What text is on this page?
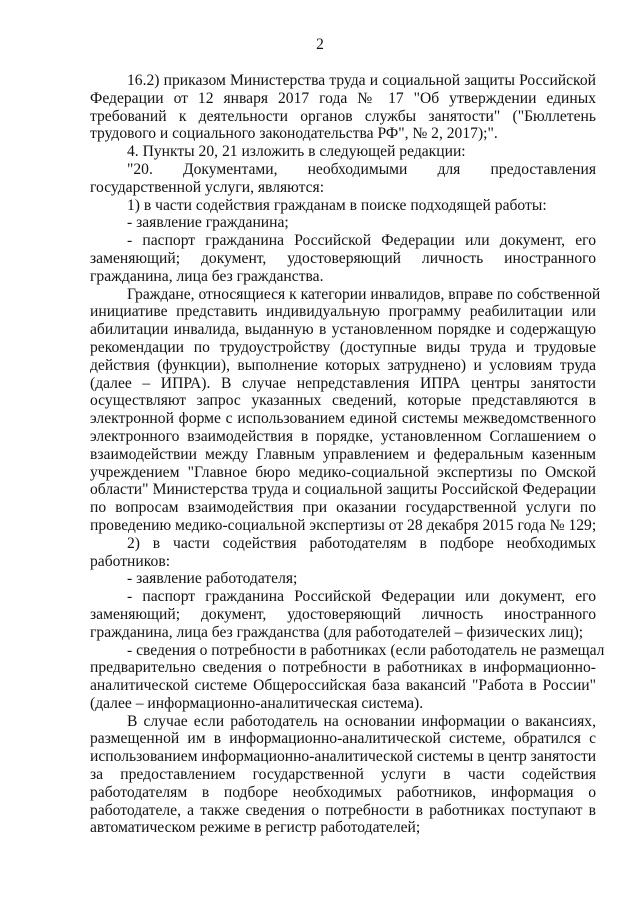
2
16.2) приказом Министерства труда и социальной защиты Российской
Федерации от 12 января 2017 года № 17 "Об утверждении единых
требований к деятельности органов службы занятости" ("Бюллетень
трудового и социального законодательства РФ", № 2, 2017);".
4. Пункты 20, 21 изложить в следующей редакции:
"20. Документами, необходимыми для предоставления
государственной услуги, являются:
1) в части содействия гражданам в поиске подходящей работы:
- заявление гражданина;
- паспорт гражданина Российской Федерации или документ, его
заменяющий; документ, удостоверяющий личность иностранного
гражданина, лица без гражданства.
Граждане, относящиеся к категории инвалидов, вправе по собственной
инициативе представить индивидуальную программу реабилитации или
абилитации инвалида, выданную в установленном порядке и содержащую
рекомендации по трудоустройству (доступные виды труда и трудовые
действия (функции), выполнение которых затруднено) и условиям труда
(далее – ИПРА). В случае непредставления ИПРА центры занятости
осуществляют запрос указанных сведений, которые представляются в
электронной форме с использованием единой системы межведомственного
электронного взаимодействия в порядке, установленном Соглашением о
взаимодействии между Главным управлением и федеральным казенным
учреждением "Главное бюро медико-социальной экспертизы по Омской
области" Министерства труда и социальной защиты Российской Федерации
по вопросам взаимодействия при оказании государственной услуги по
проведению медико-социальной экспертизы от 28 декабря 2015 года № 129;
2) в части содействия работодателям в подборе необходимых
работников:
- заявление работодателя;
- паспорт гражданина Российской Федерации или документ, его
заменяющий; документ, удостоверяющий личность иностранного
гражданина, лица без гражданства (для работодателей – физических лиц);
- сведения о потребности в работниках (если работодатель не размещал
предварительно сведения о потребности в работниках в информационно-
аналитической системе Общероссийская база вакансий "Работа в России"
(далее – информационно-аналитическая система).
В случае если работодатель на основании информации о вакансиях,
размещенной им в информационно-аналитической системе, обратился с
использованием информационно-аналитической системы в центр занятости
за предоставлением государственной услуги в части содействия
работодателям в подборе необходимых работников, информация о
работодателе, а также сведения о потребности в работниках поступают в
автоматическом режиме в регистр работодателей;
